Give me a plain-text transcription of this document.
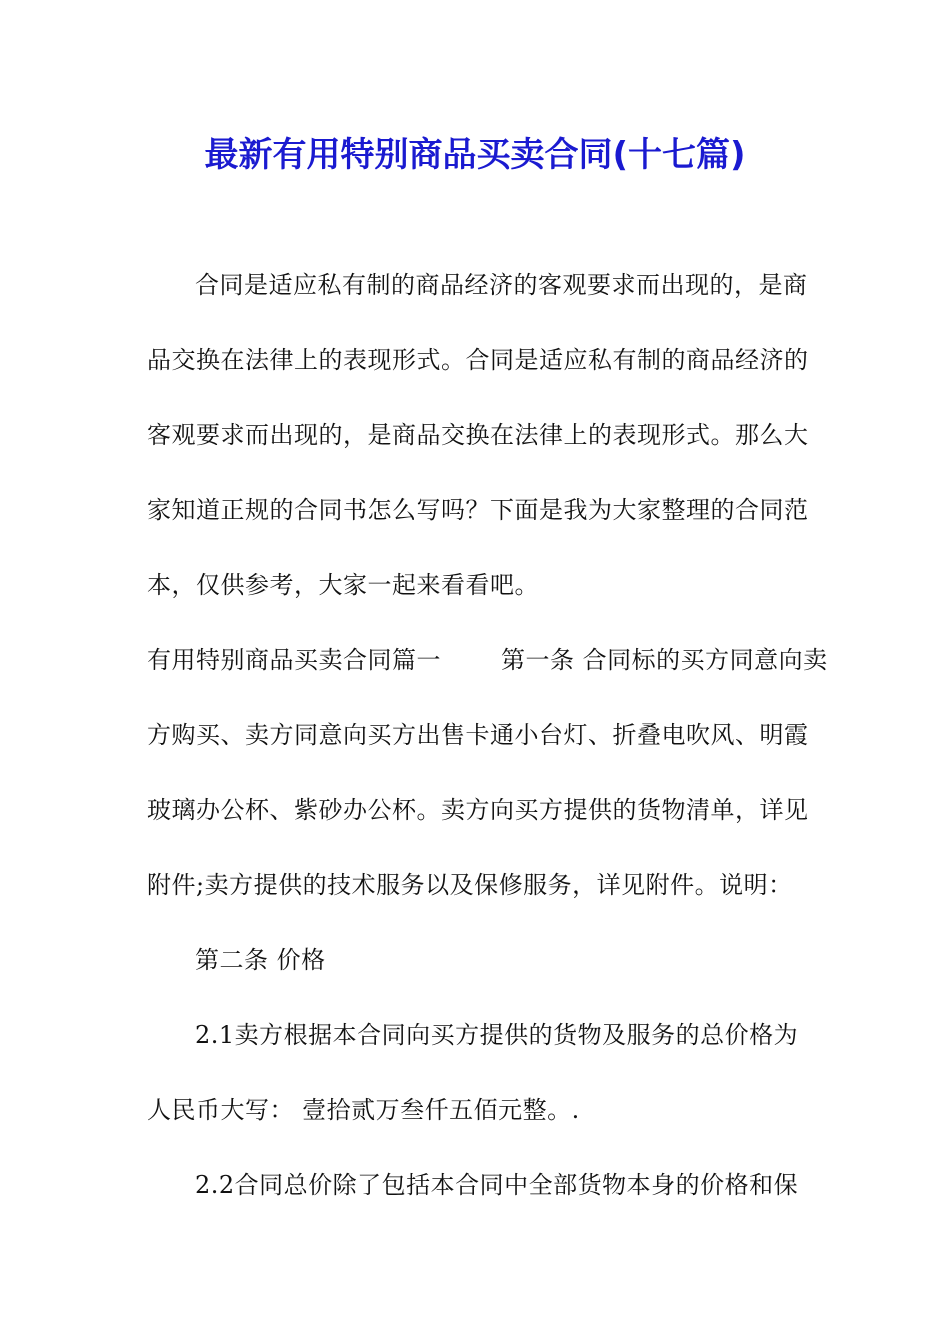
最新有用特别商品买卖合同(十七篇)
合同是适应私有制的商品经济的客观要求而出现的，是商
品交换在法律上的表现形式。合同是适应私有制的商品经济的
客观要求而出现的，是商品交换在法律上的表现形式。那么大
家知道正规的合同书怎么写吗？下面是我为大家整理的合同范
本，仅供参考，大家一起来看看吧。
有用特别商品买卖合同篇一	第一条 合同标的买方同意向卖
方购买、卖方同意向买方出售卡通小台灯、折叠电吹风、明霞
玻璃办公杯、紫砂办公杯。卖方向买方提供的货物清单，详见
附件;卖方提供的技术服务以及保修服务，详见附件。说明：
第二条 价格
2.1卖方根据本合同向买方提供的货物及服务的总价格为
人民币大写： 壹拾贰万叁仟五佰元整。.
2.2合同总价除了包括本合同中全部货物本身的价格和保
